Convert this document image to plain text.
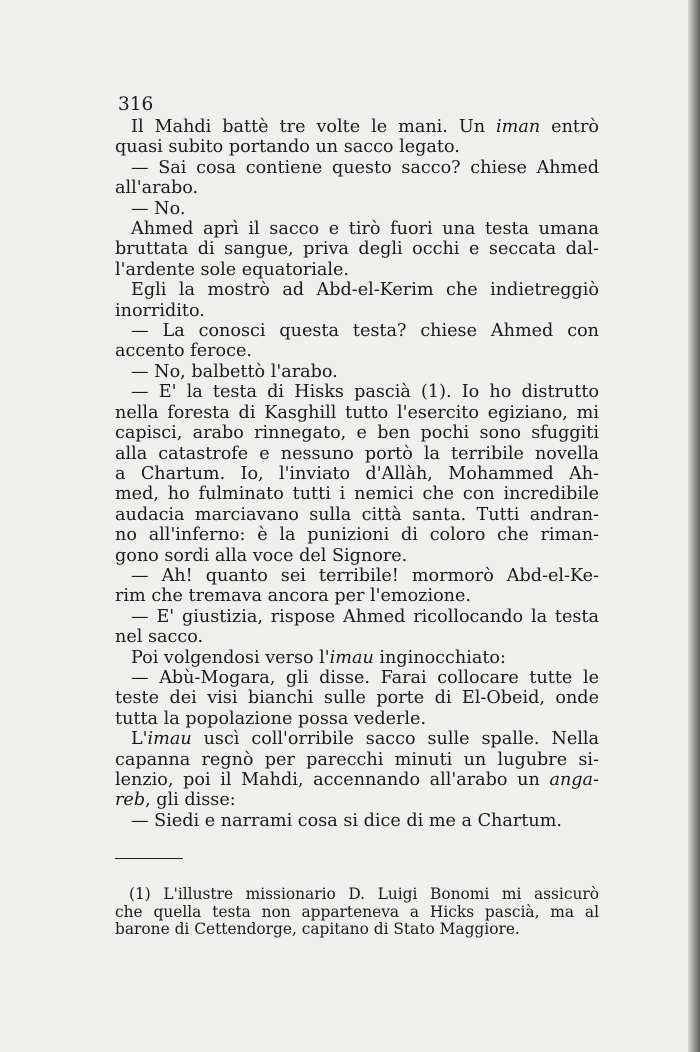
316
Il Mahdi battè tre volte le mani. Un iman entrò
quasi subito portando un sacco legato.
— Sai cosa contiene questo sacco? chiese Ahmed
all'arabo.
— No.
Ahmed aprì il sacco e tirò fuori una testa umana
bruttata di sangue, priva degli occhi e seccata dal-
l'ardente sole equatoriale.
Egli la mostrò ad Abd-el-Kerim che indietreggiò
inorridito.
— La conosci questa testa? chiese Ahmed con
accento feroce.
— No, balbettò l'arabo.
— E' la testa di Hisks pascià (1). Io ho distrutto
nella foresta di Kasghill tutto l'esercito egiziano, mi
capisci, arabo rinnegato, e ben pochi sono sfuggiti
alla catastrofe e nessuno portò la terribile novella
a Chartum. Io, l'inviato d'Allàh, Mohammed Ah-
med, ho fulminato tutti i nemici che con incredibile
audacia marciavano sulla città santa. Tutti andran-
no all'inferno: è la punizioni di coloro che riman-
gono sordi alla voce del Signore.
— Ah! quanto sei terribile! mormorò Abd-el-Ke-
rim che tremava ancora per l'emozione.
— E' giustizia, rispose Ahmed ricollocando la testa
nel sacco.
Poi volgendosi verso l'imau inginocchiato:
— Abù-Mogara, gli disse. Farai collocare tutte le
teste dei visi bianchi sulle porte di El-Obeid, onde
tutta la popolazione possa vederle.
L'imau uscì coll'orribile sacco sulle spalle. Nella
capanna regnò per parecchi minuti un lugubre si-
lenzio, poi il Mahdi, accennando all'arabo un anga-
reb, gli disse:
— Siedi e narrami cosa si dice di me a Chartum.
(1) L'illustre missionario D. Luigi Bonomi mi assicurò
che quella testa non apparteneva a Hicks pascià, ma al
barone di Cettendorge, capitano di Stato Maggiore.
